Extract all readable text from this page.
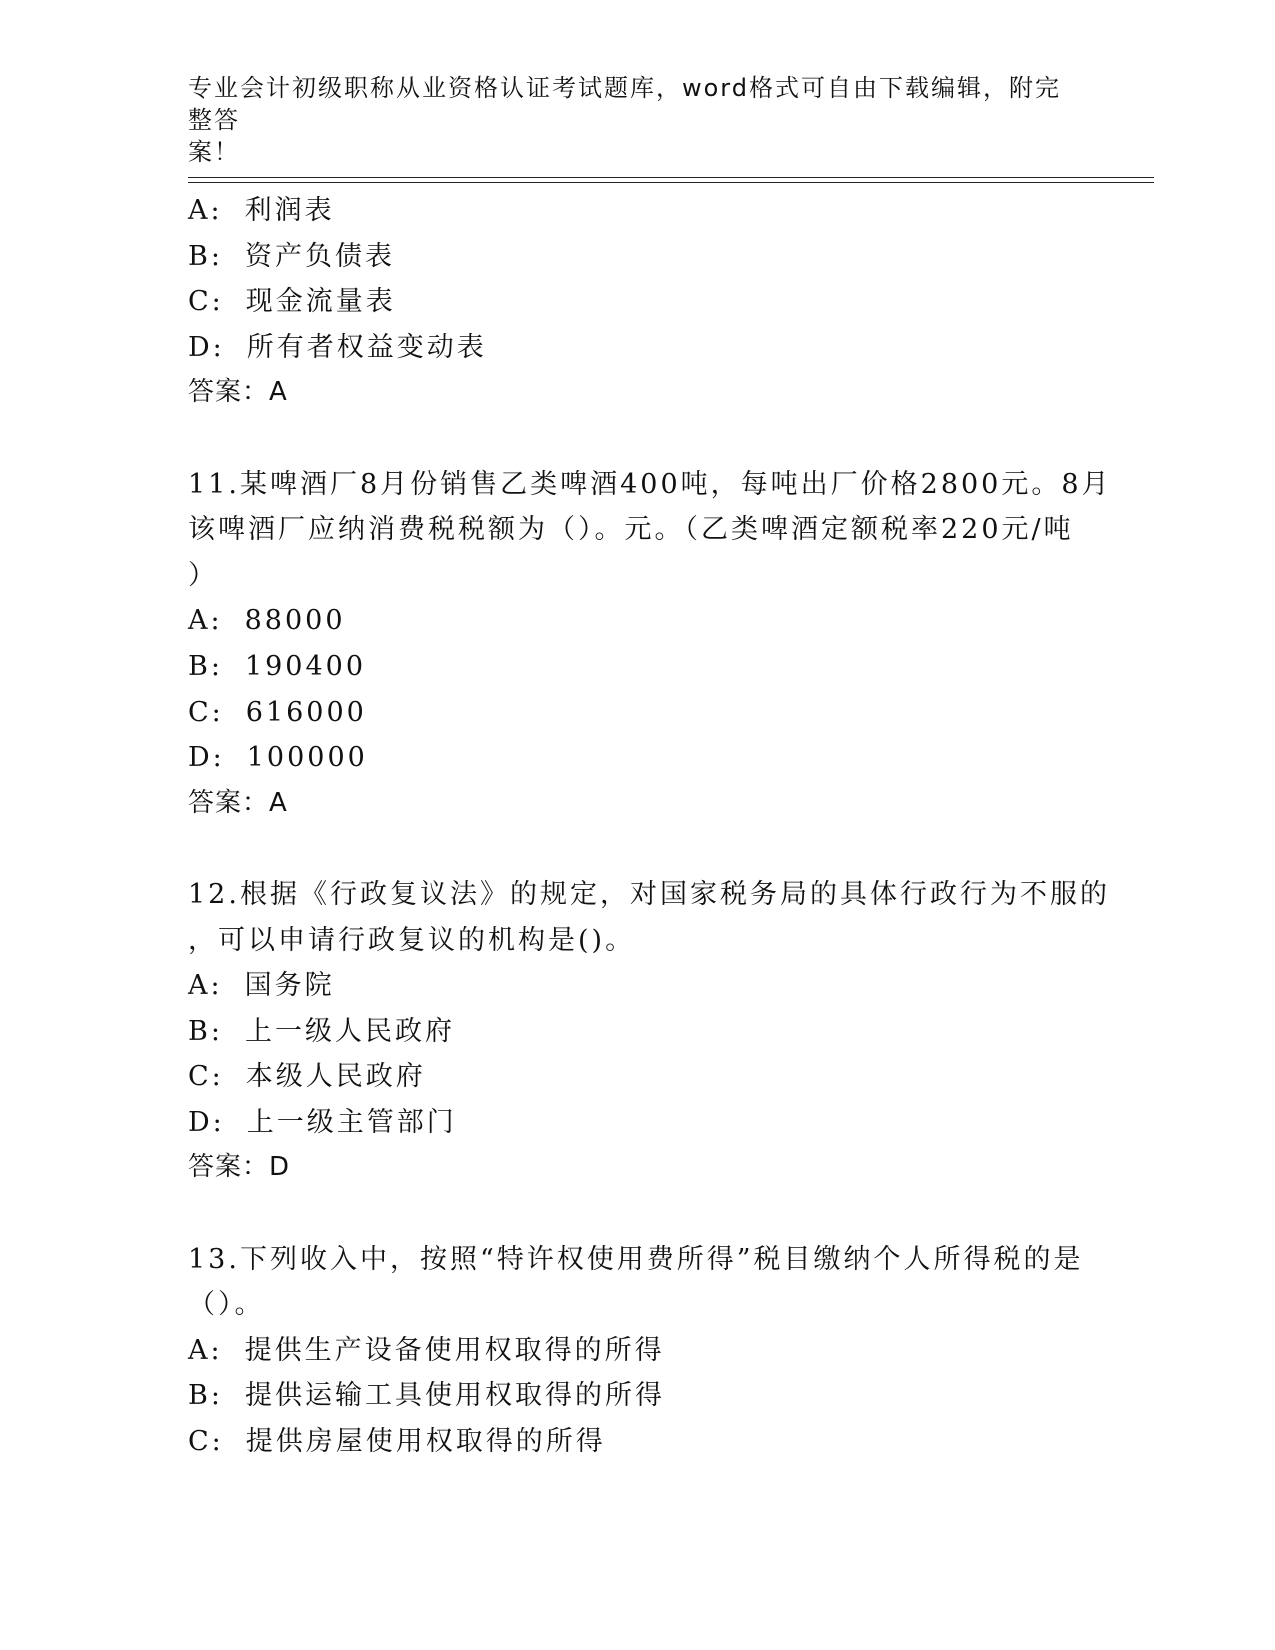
专业会计初级职称从业资格认证考试题库，word格式可自由下载编辑，附完整答
案！
A: 利润表
B: 资产负债表
C: 现金流量表
D: 所有者权益变动表
答案：A
11.某啤酒厂8月份销售乙类啤酒400吨，每吨出厂价格2800元。8月
该啤酒厂应纳消费税税额为（）。元。（乙类啤酒定额税率220元/吨
）
A: 88000
B: 190400
C: 616000
D: 100000
答案：A
12.根据《行政复议法》的规定，对国家税务局的具体行政行为不服的
，可以申请行政复议的机构是()。
A: 国务院
B: 上一级人民政府
C: 本级人民政府
D: 上一级主管部门
答案：D
13.下列收入中，按照“特许权使用费所得”税目缴纳个人所得税的是
（）。
A: 提供生产设备使用权取得的所得
B: 提供运输工具使用权取得的所得
C: 提供房屋使用权取得的所得
